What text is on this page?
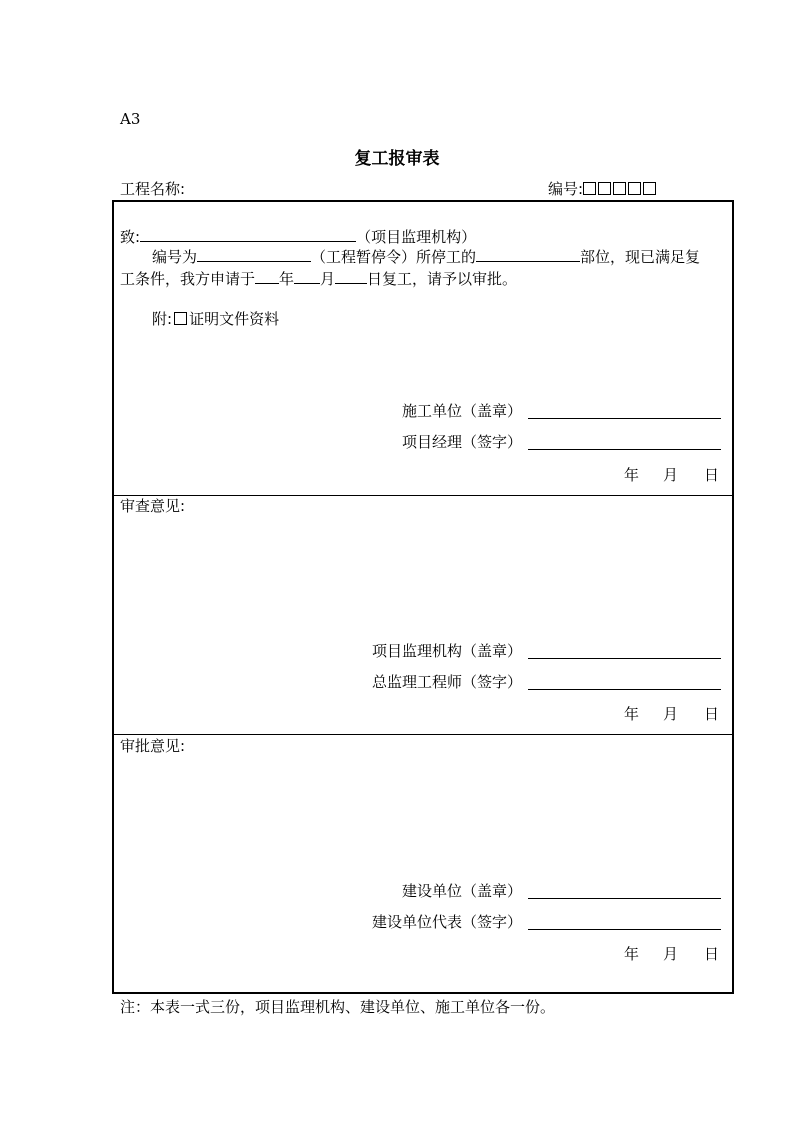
A3
复工报审表
工程名称:	编号:
致:	（项目监理机构）
编号为	（工程暂停令）所停工的	部位，现已满足复
工条件，我方申请于 年 月 日复工，请予以审批。
附: 证明文件资料
施工单位（盖章）
项目经理（签字）
年 月 日
审查意见:
项目监理机构（盖章）
总监理工程师（签字）
年 月 日
审批意见:
建设单位（盖章）
建设单位代表（签字）
年 月 日
注：本表一式三份，项目监理机构、建设单位、施工单位各一份。
